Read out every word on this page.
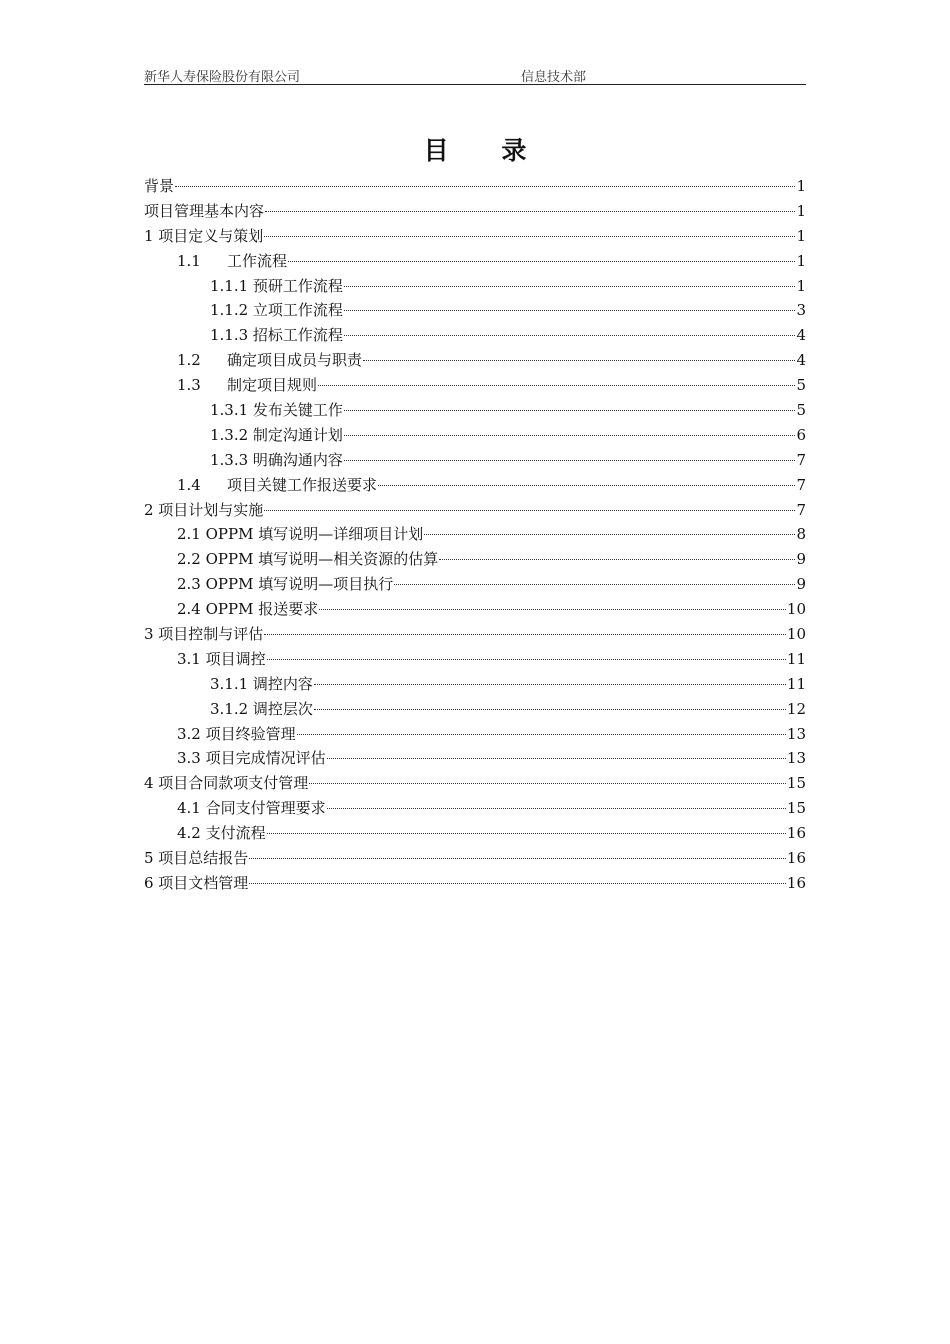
新华人寿保险股份有限公司	信息技术部
目 录
背景	1
项目管理基本内容	1
1 项目定义与策划	1
1.1	工作流程	1
1.1.1 预研工作流程	1
1.1.2 立项工作流程	3
1.1.3 招标工作流程	4
1.2	确定项目成员与职责	4
1.3	制定项目规则	5
1.3.1 发布关键工作	5
1.3.2 制定沟通计划	6
1.3.3 明确沟通内容	7
1.4	项目关键工作报送要求	7
2 项目计划与实施	7
2.1 OPPM 填写说明—详细项目计划	8
2.2 OPPM 填写说明—相关资源的估算	9
2.3 OPPM 填写说明—项目执行	9
2.4 OPPM 报送要求	10
3 项目控制与评估	10
3.1 项目调控	11
3.1.1 调控内容	11
3.1.2 调控层次	12
3.2 项目终验管理	13
3.3 项目完成情况评估	13
4 项目合同款项支付管理	15
4.1 合同支付管理要求	15
4.2 支付流程	16
5 项目总结报告	16
6 项目文档管理	16
